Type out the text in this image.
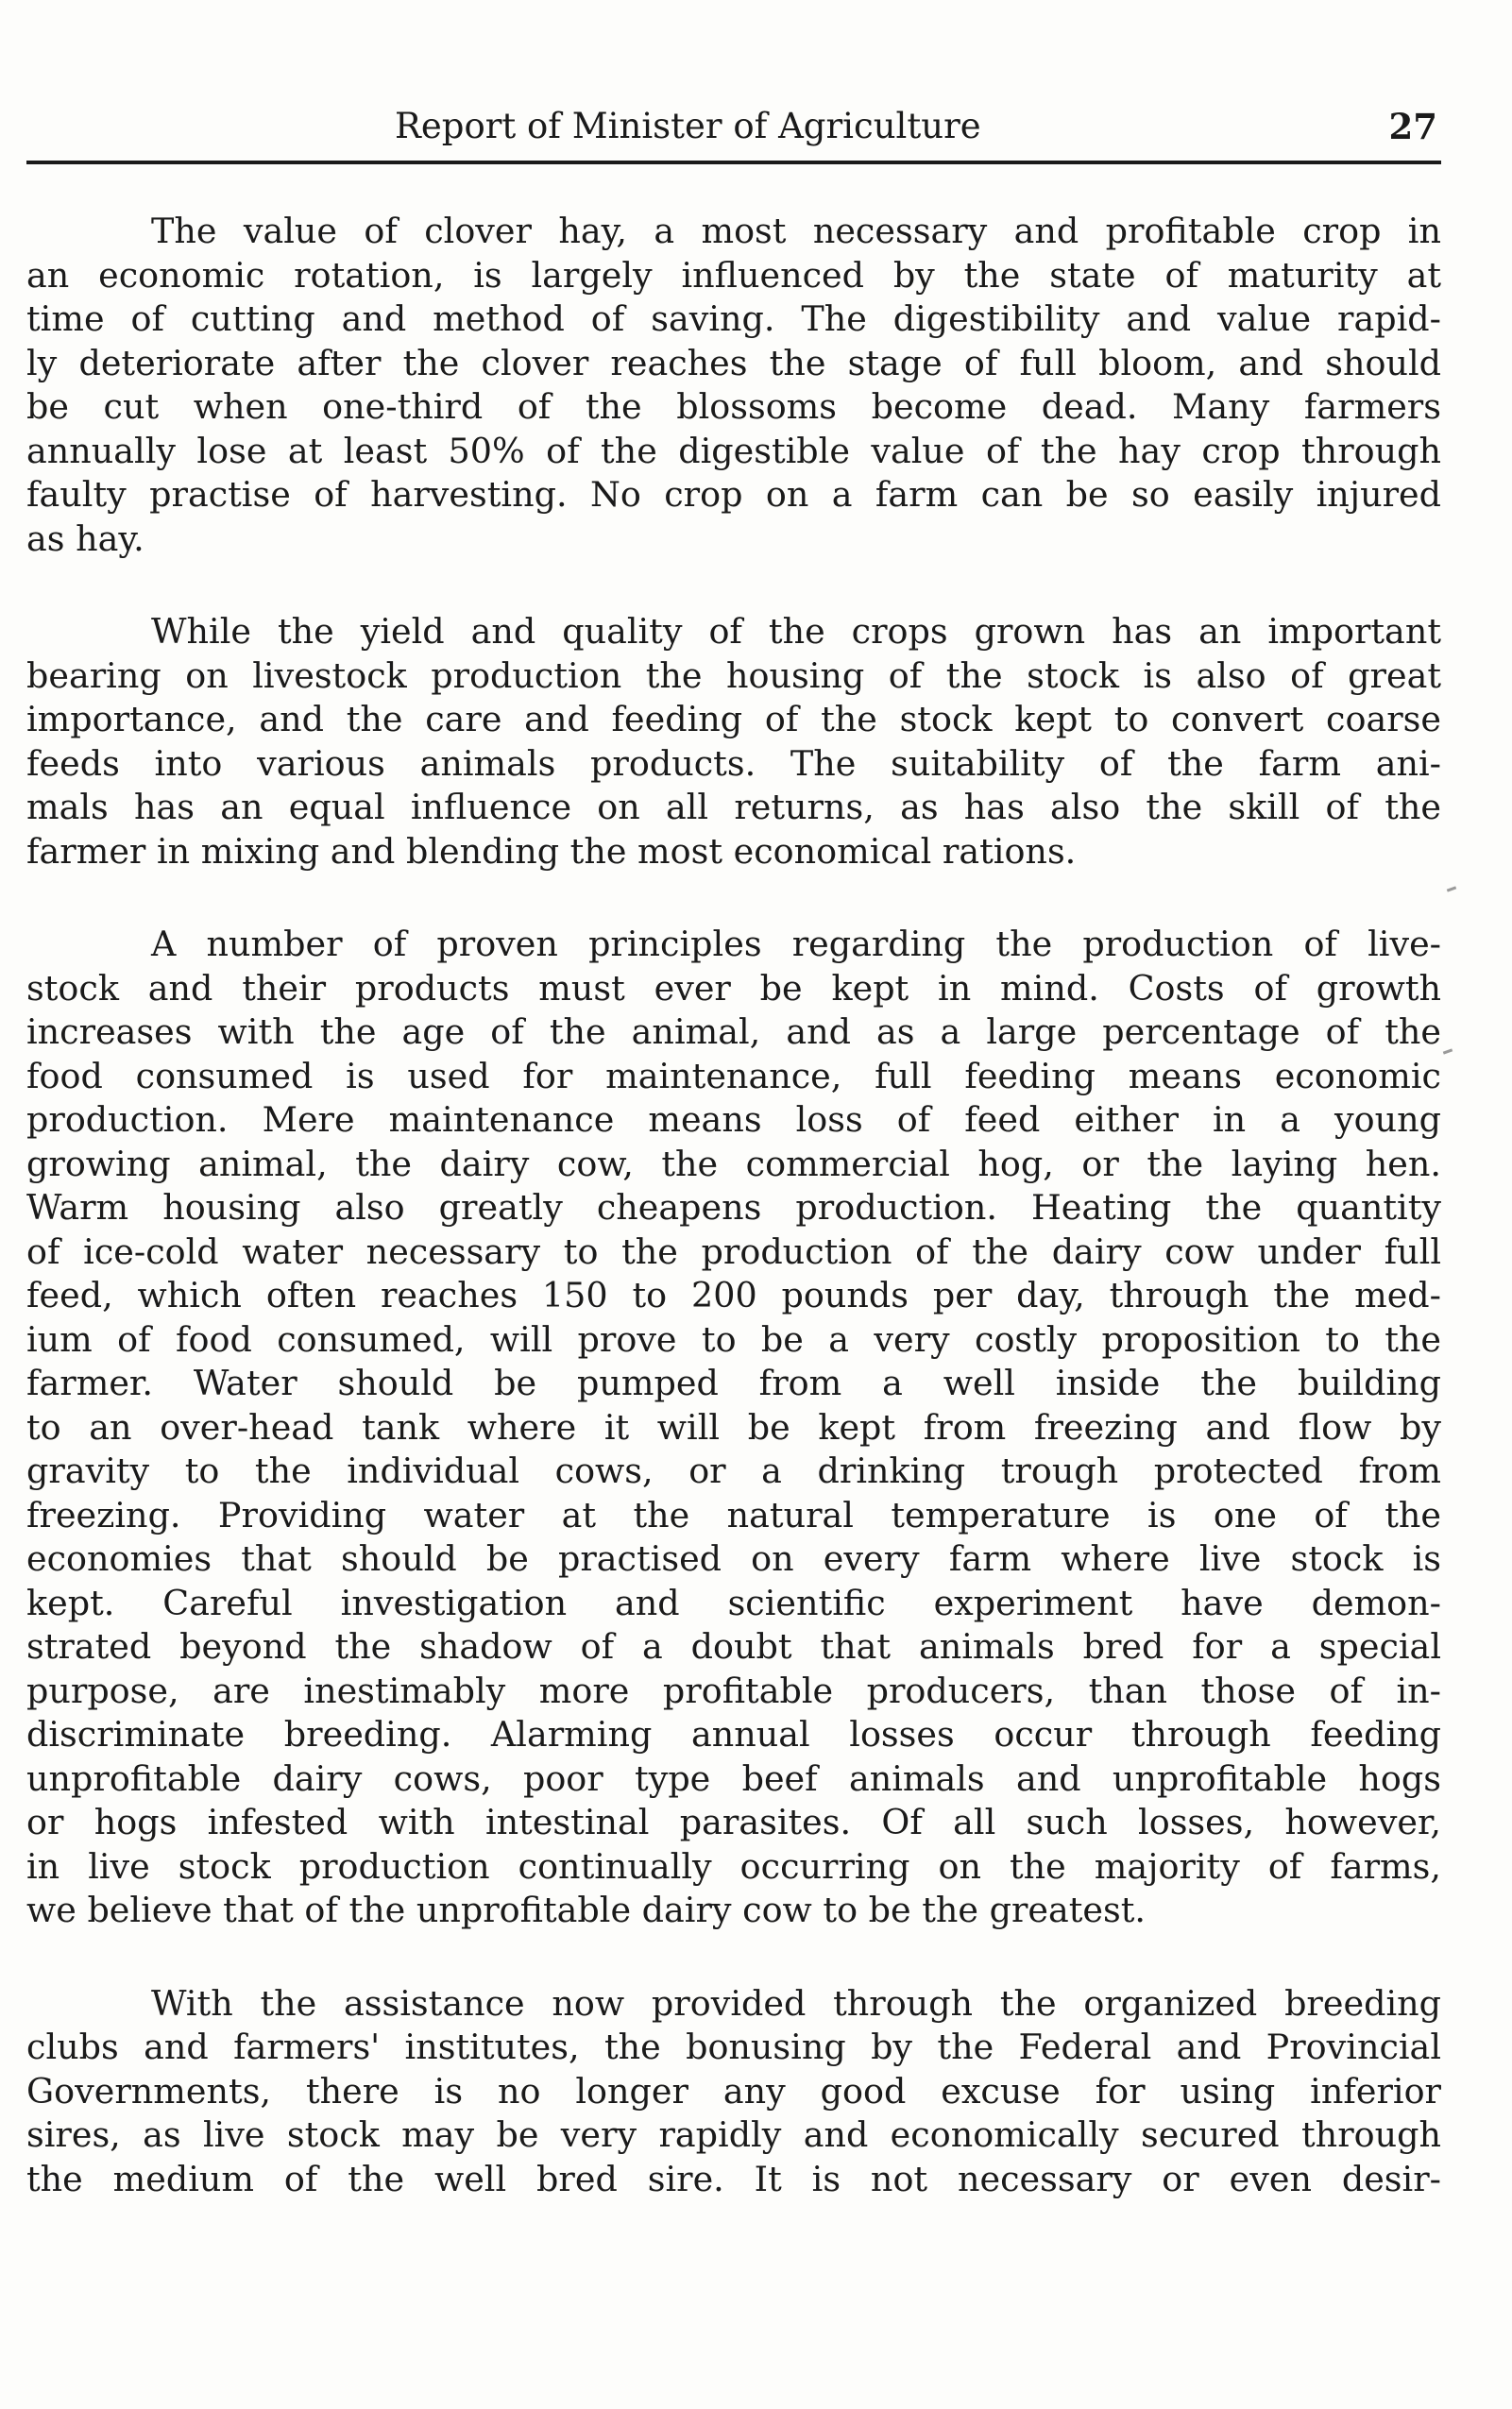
Report of Minister of Agriculture	27

The value of clover hay, a most necessary and profitable crop in
an economic rotation, is largely influenced by the state of maturity at
time of cutting and method of saving. The digestibility and value rapid-
ly deteriorate after the clover reaches the stage of full bloom, and should
be cut when one-third of the blossoms become dead. Many farmers
annually lose at least 50% of the digestible value of the hay crop through
faulty practise of harvesting. No crop on a farm can be so easily injured
as hay.

While the yield and quality of the crops grown has an important
bearing on livestock production the housing of the stock is also of great
importance, and the care and feeding of the stock kept to convert coarse
feeds into various animals products. The suitability of the farm ani-
mals has an equal influence on all returns, as has also the skill of the
farmer in mixing and blending the most economical rations.

A number of proven principles regarding the production of live-
stock and their products must ever be kept in mind. Costs of growth
increases with the age of the animal, and as a large percentage of the
food consumed is used for maintenance, full feeding means economic
production. Mere maintenance means loss of feed either in a young
growing animal, the dairy cow, the commercial hog, or the laying hen.
Warm housing also greatly cheapens production. Heating the quantity
of ice-cold water necessary to the production of the dairy cow under full
feed, which often reaches 150 to 200 pounds per day, through the med-
ium of food consumed, will prove to be a very costly proposition to the
farmer. Water should be pumped from a well inside the building
to an over-head tank where it will be kept from freezing and flow by
gravity to the individual cows, or a drinking trough protected from
freezing. Providing water at the natural temperature is one of the
economies that should be practised on every farm where live stock is
kept. Careful investigation and scientific experiment have demon-
strated beyond the shadow of a doubt that animals bred for a special
purpose, are inestimably more profitable producers, than those of in-
discriminate breeding. Alarming annual losses occur through feeding
unprofitable dairy cows, poor type beef animals and unprofitable hogs
or hogs infested with intestinal parasites. Of all such losses, however,
in live stock production continually occurring on the majority of farms,
we believe that of the unprofitable dairy cow to be the greatest.

With the assistance now provided through the organized breeding
clubs and farmers' institutes, the bonusing by the Federal and Provincial
Governments, there is no longer any good excuse for using inferior
sires, as live stock may be very rapidly and economically secured through
the medium of the well bred sire. It is not necessary or even desir-
